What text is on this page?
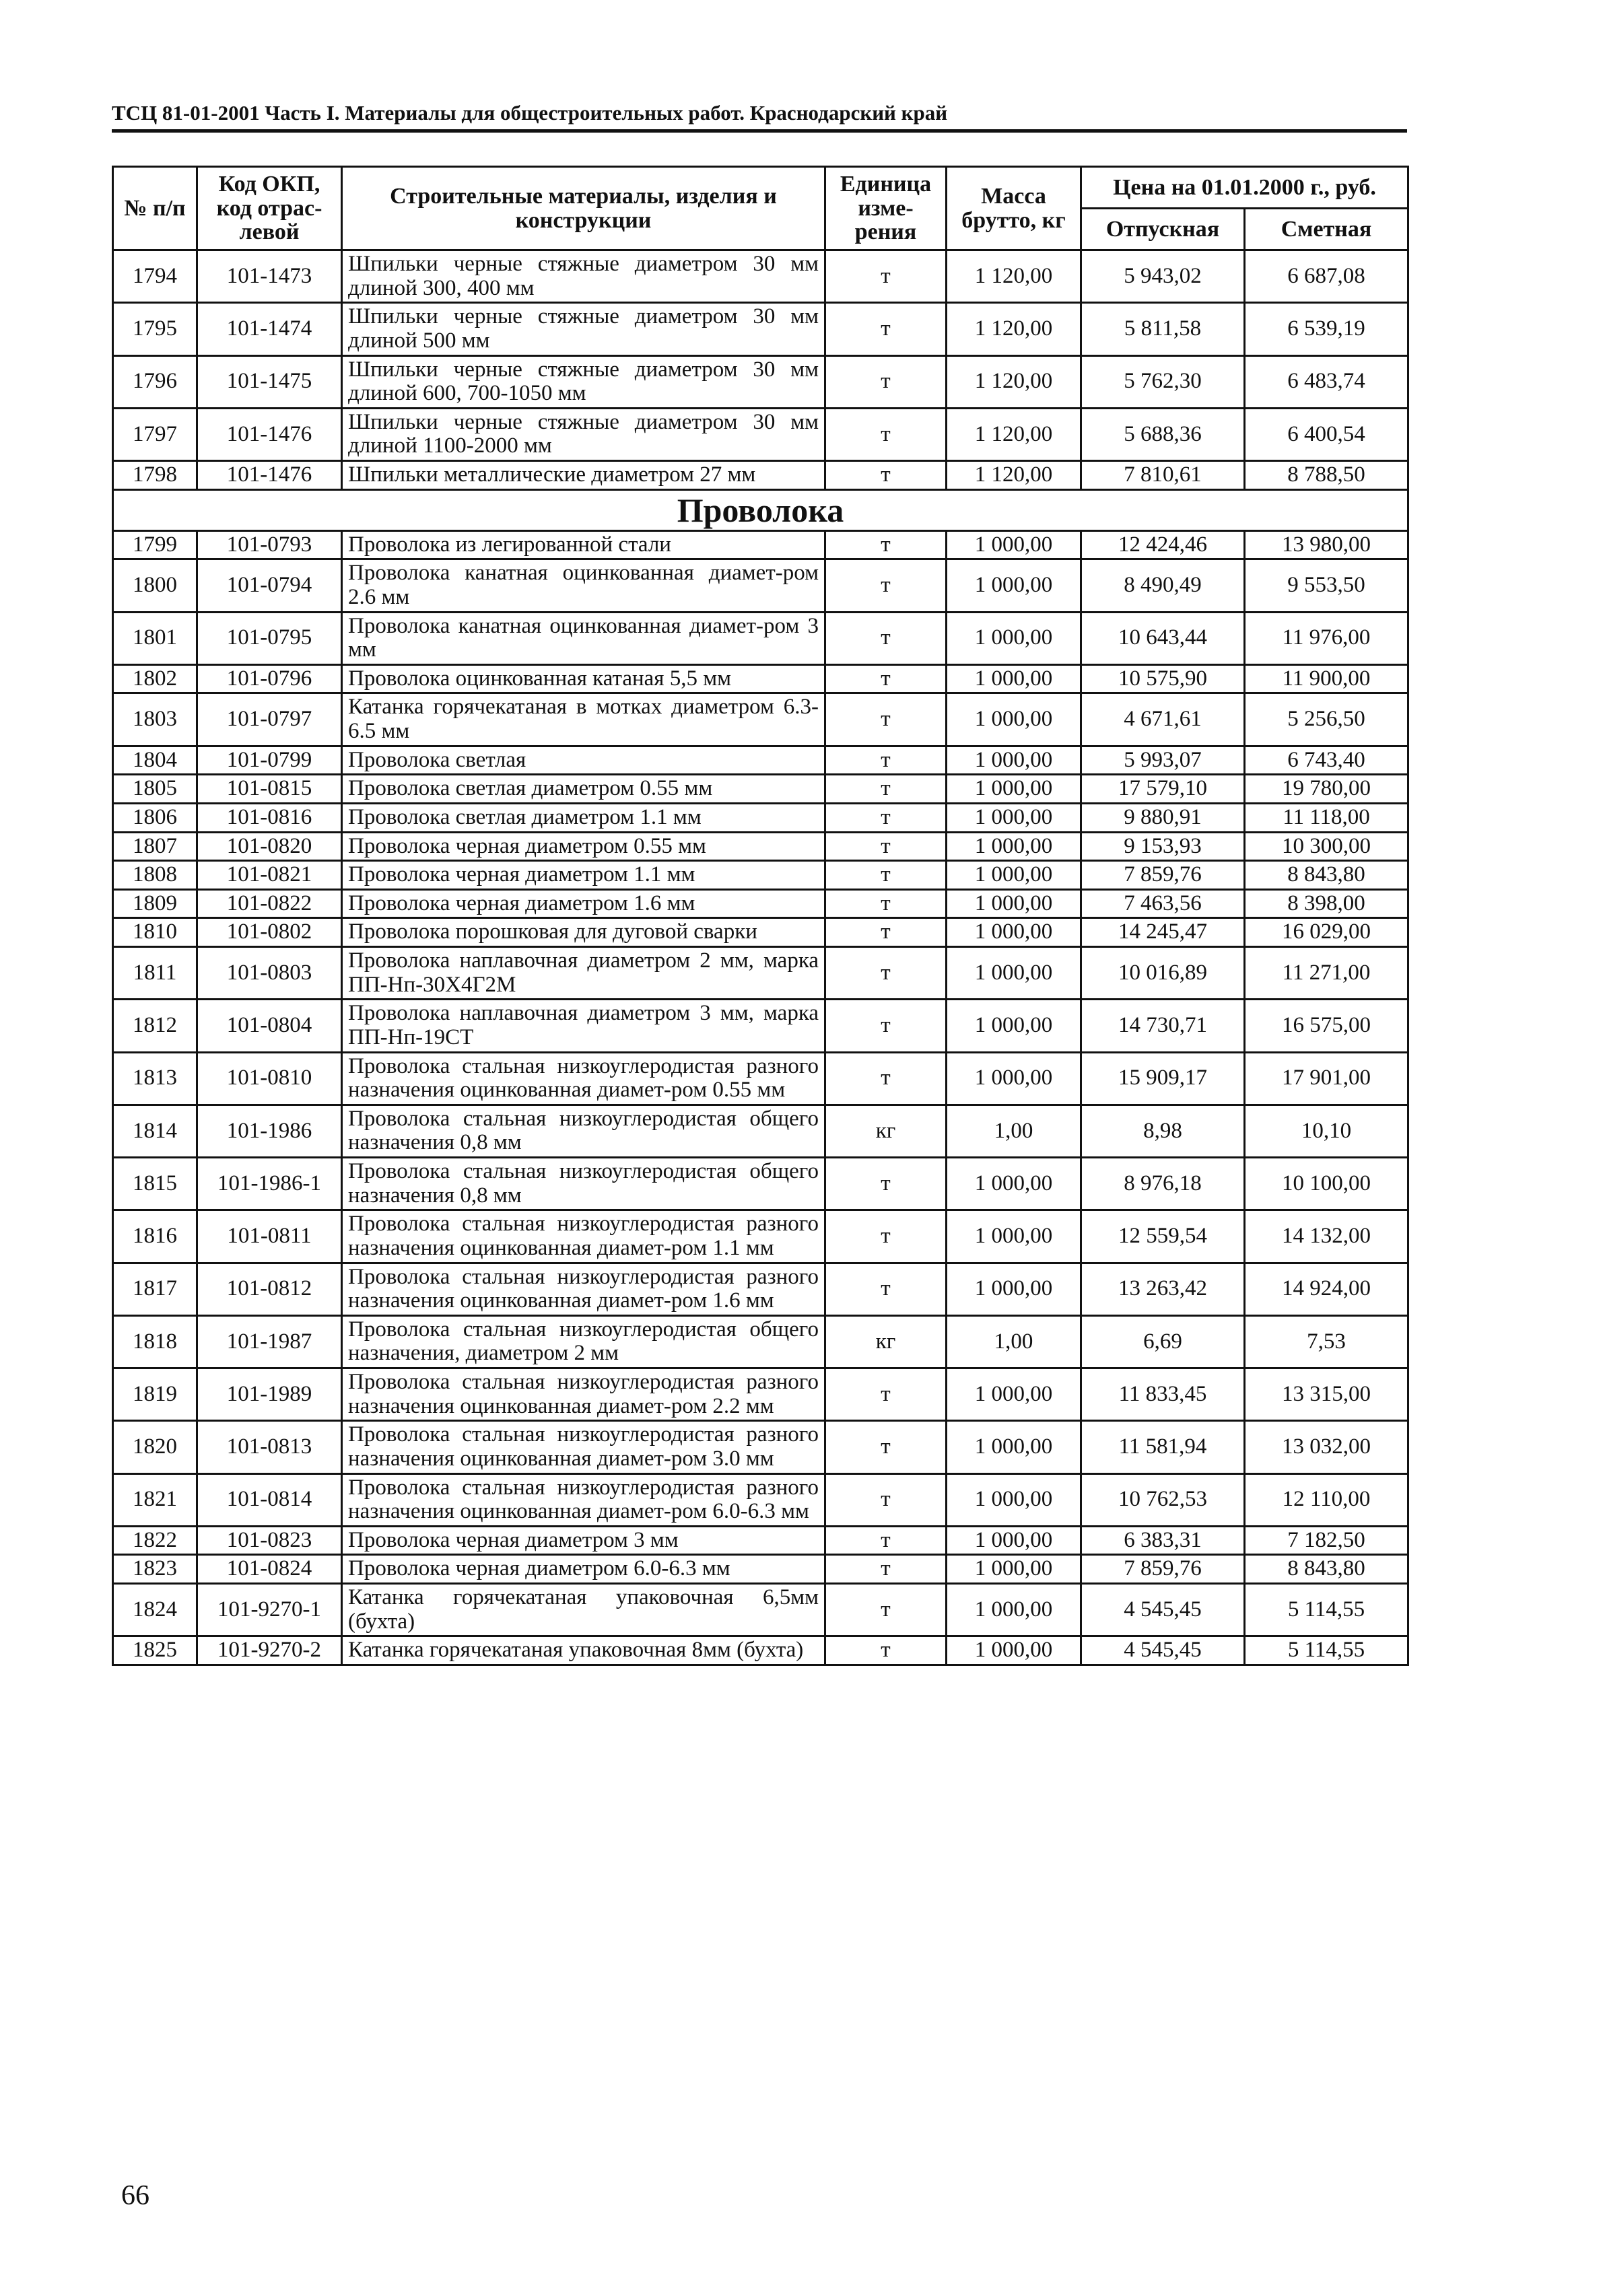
ТСЦ 81-01-2001 Часть I. Материалы для общестроительных работ. Краснодарский край
№ п/п	Код ОКП, код отрас-левой	Строительные материалы, изделия и конструкции	Единица изме-рения	Масса брутто, кг	Цена на 01.01.2000 г., руб.	
					Отпускная	Сметная
1794	101-1473	Шпильки черные стяжные диаметром 30 мм длиной 300, 400 мм	т	1 120,00	5 943,02	6 687,08
1795	101-1474	Шпильки черные стяжные диаметром 30 мм длиной 500 мм	т	1 120,00	5 811,58	6 539,19
1796	101-1475	Шпильки черные стяжные диаметром 30 мм длиной 600, 700-1050 мм	т	1 120,00	5 762,30	6 483,74
1797	101-1476	Шпильки черные стяжные диаметром 30 мм длиной 1100-2000 мм	т	1 120,00	5 688,36	6 400,54
1798	101-1476	Шпильки металлические диаметром 27 мм	т	1 120,00	7 810,61	8 788,50
Проволока						
1799	101-0793	Проволока из легированной стали	т	1 000,00	12 424,46	13 980,00
1800	101-0794	Проволока канатная оцинкованная диамет-ром 2.6 мм	т	1 000,00	8 490,49	9 553,50
1801	101-0795	Проволока канатная оцинкованная диамет-ром 3 мм	т	1 000,00	10 643,44	11 976,00
1802	101-0796	Проволока оцинкованная катаная 5,5 мм	т	1 000,00	10 575,90	11 900,00
1803	101-0797	Катанка горячекатаная в мотках диаметром 6.3-6.5 мм	т	1 000,00	4 671,61	5 256,50
1804	101-0799	Проволока светлая	т	1 000,00	5 993,07	6 743,40
1805	101-0815	Проволока светлая диаметром 0.55 мм	т	1 000,00	17 579,10	19 780,00
1806	101-0816	Проволока светлая диаметром 1.1 мм	т	1 000,00	9 880,91	11 118,00
1807	101-0820	Проволока черная диаметром 0.55 мм	т	1 000,00	9 153,93	10 300,00
1808	101-0821	Проволока черная диаметром 1.1 мм	т	1 000,00	7 859,76	8 843,80
1809	101-0822	Проволока черная диаметром 1.6 мм	т	1 000,00	7 463,56	8 398,00
1810	101-0802	Проволока порошковая для дуговой сварки	т	1 000,00	14 245,47	16 029,00
1811	101-0803	Проволока наплавочная диаметром 2 мм, марка ПП-Нп-30Х4Г2М	т	1 000,00	10 016,89	11 271,00
1812	101-0804	Проволока наплавочная диаметром 3 мм, марка ПП-Нп-19СТ	т	1 000,00	14 730,71	16 575,00
1813	101-0810	Проволока стальная низкоуглеродистая разного назначения оцинкованная диамет-ром 0.55 мм	т	1 000,00	15 909,17	17 901,00
1814	101-1986	Проволока стальная низкоуглеродистая общего назначения 0,8 мм	кг	1,00	8,98	10,10
1815	101-1986-1	Проволока стальная низкоуглеродистая общего назначения 0,8 мм	т	1 000,00	8 976,18	10 100,00
1816	101-0811	Проволока стальная низкоуглеродистая разного назначения оцинкованная диамет-ром 1.1 мм	т	1 000,00	12 559,54	14 132,00
1817	101-0812	Проволока стальная низкоуглеродистая разного назначения оцинкованная диамет-ром 1.6 мм	т	1 000,00	13 263,42	14 924,00
1818	101-1987	Проволока стальная низкоуглеродистая общего назначения, диаметром 2 мм	кг	1,00	6,69	7,53
1819	101-1989	Проволока стальная низкоуглеродистая разного назначения оцинкованная диамет-ром 2.2 мм	т	1 000,00	11 833,45	13 315,00
1820	101-0813	Проволока стальная низкоуглеродистая разного назначения оцинкованная диамет-ром 3.0 мм	т	1 000,00	11 581,94	13 032,00
1821	101-0814	Проволока стальная низкоуглеродистая разного назначения оцинкованная диамет-ром 6.0-6.3 мм	т	1 000,00	10 762,53	12 110,00
1822	101-0823	Проволока черная диаметром 3 мм	т	1 000,00	6 383,31	7 182,50
1823	101-0824	Проволока черная диаметром 6.0-6.3 мм	т	1 000,00	7 859,76	8 843,80
1824	101-9270-1	Катанка горячекатаная упаковочная 6,5мм (бухта)	т	1 000,00	4 545,45	5 114,55
1825	101-9270-2	Катанка горячекатаная упаковочная 8мм (бухта)	т	1 000,00	4 545,45	5 114,55
66
